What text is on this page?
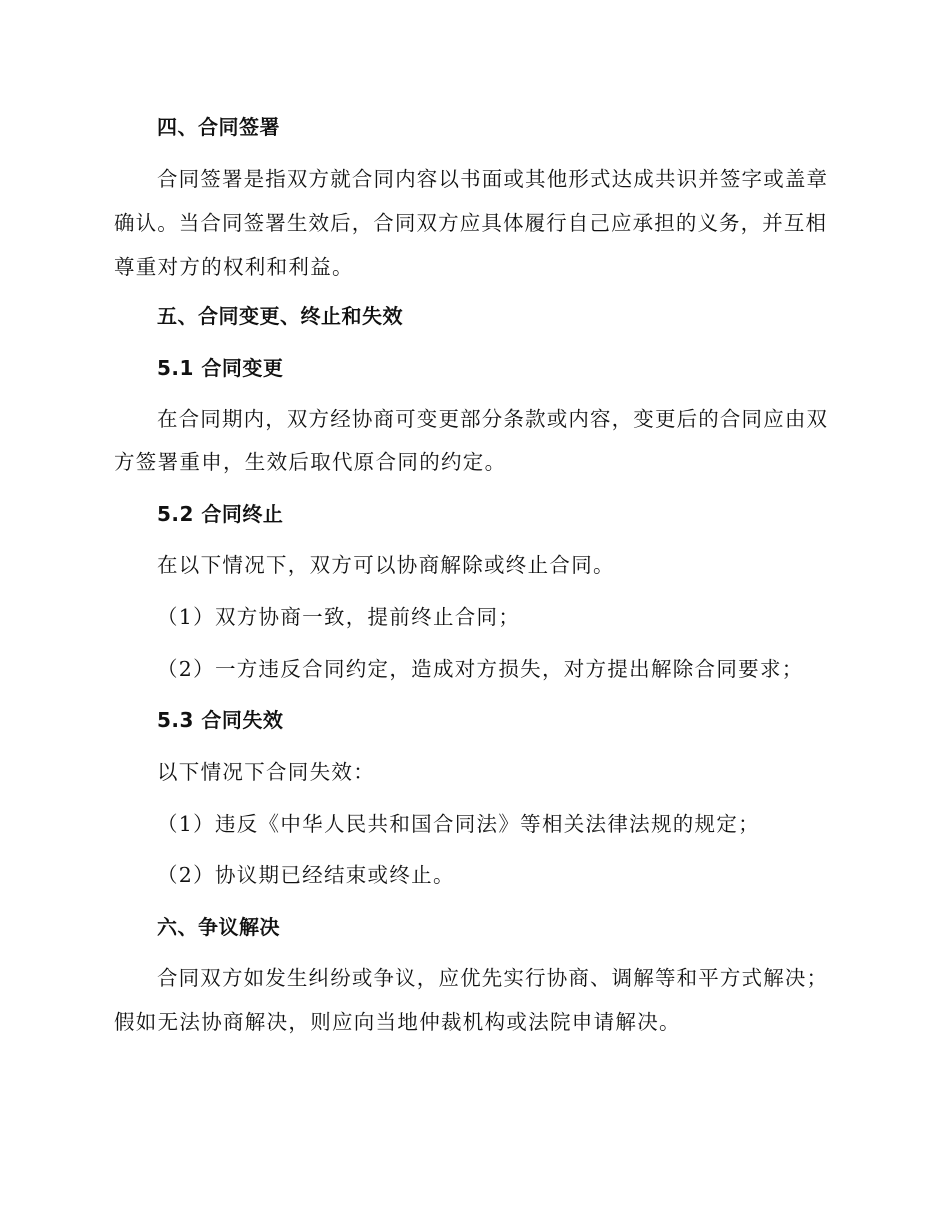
四、合同签署
合同签署是指双方就合同内容以书面或其他形式达成共识并签字或盖章
确认。当合同签署生效后，合同双方应具体履行自己应承担的义务，并互相
尊重对方的权利和利益。
五、合同变更、终止和失效
5.1 合同变更
在合同期内，双方经协商可变更部分条款或内容，变更后的合同应由双
方签署重申，生效后取代原合同的约定。
5.2 合同终止
在以下情况下，双方可以协商解除或终止合同。
（1）双方协商一致，提前终止合同；
（2）一方违反合同约定，造成对方损失，对方提出解除合同要求；
5.3 合同失效
以下情况下合同失效：
（1）违反《中华人民共和国合同法》等相关法律法规的规定；
（2）协议期已经结束或终止。
六、争议解决
合同双方如发生纠纷或争议，应优先实行协商、调解等和平方式解决；
假如无法协商解决，则应向当地仲裁机构或法院申请解决。
